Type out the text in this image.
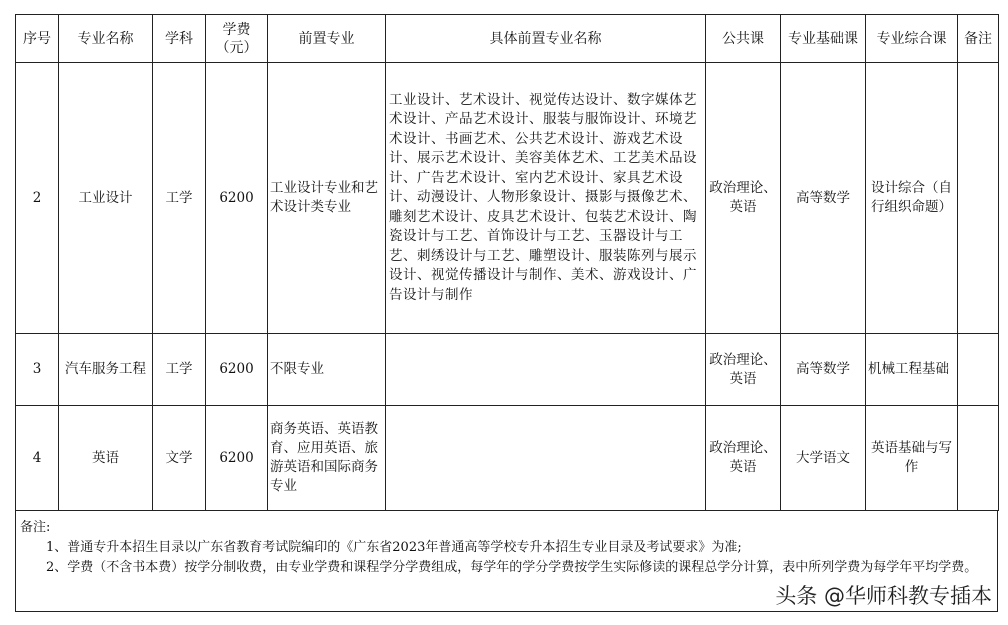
序号	专业名称	学科	学费（元）	前置专业	具体前置专业名称	公共课	专业基础课	专业综合课	备注
2	工业设计	工学	6200	工业设计专业和艺术设计类专业	工业设计、艺术设计、视觉传达设计、数字媒体艺术设计、产品艺术设计、服装与服饰设计、环境艺术设计、书画艺术、公共艺术设计、游戏艺术设计、展示艺术设计、美容美体艺术、工艺美术品设计、广告艺术设计、室内艺术设计、家具艺术设计、动漫设计、人物形象设计、摄影与摄像艺术、雕刻艺术设计、皮具艺术设计、包装艺术设计、陶瓷设计与工艺、首饰设计与工艺、玉器设计与工艺、刺绣设计与工艺、雕塑设计、服装陈列与展示设计、视觉传播设计与制作、美术、游戏设计、广告设计与制作	政治理论、英语	高等数学	设计综合（自行组织命题）	
3	汽车服务工程	工学	6200	不限专业		政治理论、英语	高等数学	机械工程基础	
4	英语	文学	6200	商务英语、英语教育、应用英语、旅游英语和国际商务专业		政治理论、英语	大学语文	英语基础与写作	

备注:

1、普通专升本招生目录以广东省教育考试院编印的《广东省2023年普通高等学校专升本招生专业目录及考试要求》为准;

2、学费（不含书本费）按学分制收费，由专业学费和课程学分学费组成，每学年的学分学费按学生实际修读的课程总学分计算，表中所列学费为每学年平均学费。

头条 @华师科教专插本
